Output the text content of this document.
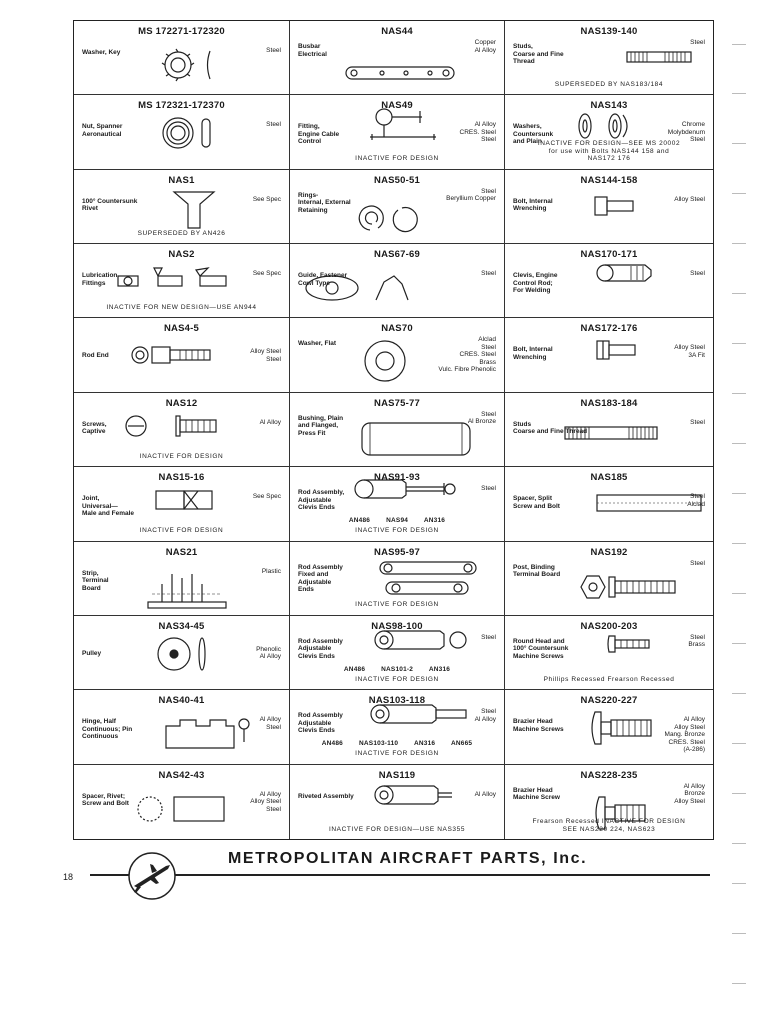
MS 172271-172320
Washer, Key	Steel
NAS44
Busbar
Electrical
Copper
Al Alloy
NAS139-140
Studs,
Coarse and Fine
Thread
Steel
SUPERSEDED BY NAS183/184
MS 172321-172370
Nut, Spanner
Aeronautical
Steel
NAS49
Fitting,
Engine Cable
Control
Al Alloy
CRES. Steel
Steel
INACTIVE FOR DESIGN
NAS143
Washers,
Countersunk
and Plain
Chrome
Molybdenum
Steel
INACTIVE FOR DESIGN—SEE MS 20002
for use with Bolts NAS144 158 and
NAS172 176
NAS1
100° Countersunk
Rivet
See Spec
SUPERSEDED BY AN426
NAS50-51
Rings-
Internal, External
Retaining
Steel
Beryllium Copper
NAS144-158
Bolt, Internal
Wrenching
Alloy Steel
NAS2
Lubrication
Fittings
See Spec
INACTIVE FOR NEW DESIGN—USE AN944
NAS67-69
Guide, Fastener
Cowl Type
Steel
NAS170-171
Clevis, Engine
Control Rod;
For Welding
Steel
NAS4-5
Rod End
Alloy Steel
Steel
NAS70
Washer, Flat
Alclad
Steel
CRES. Steel
Brass
Vulc. Fibre Phenolic
NAS172-176
Bolt, Internal
Wrenching
Alloy Steel
3A Fit
NAS12
Screws,
Captive
Al Alloy
INACTIVE FOR DESIGN
NAS75-77
Bushing, Plain
and Flanged,
Press Fit
Steel
Al Bronze
NAS183-184
Studs
Coarse and Fine Thread
Steel
NAS15-16
Joint,
Universal—
Male and Female
See Spec
INACTIVE FOR DESIGN
NAS91-93
Rod Assembly,
Adjustable
Clevis Ends
Steel
AN486 NAS94 AN316
INACTIVE FOR DESIGN
NAS185
Spacer, Split
Screw and Bolt
Steel
Alclad
NAS21
Strip,
Terminal
Board
Plastic
NAS95-97
Rod Assembly
Fixed and
Adjustable
Ends
INACTIVE FOR DESIGN
NAS192
Post, Binding
Terminal Board
Steel
NAS34-45
Pulley
Phenolic
Al Alloy
NAS98-100
Rod Assembly
Adjustable
Clevis Ends
Steel
AN486 NAS101-2 AN316
INACTIVE FOR DESIGN
NAS200-203
Round Head and
100° Countersunk
Machine Screws
Steel
Brass
Phillips Recessed Frearson Recessed
NAS40-41
Hinge, Half
Continuous; Pin
Continuous
Al Alloy
Steel
NAS103-118
Rod Assembly
Adjustable
Clevis Ends
Steel
Al Alloy
AN486 NAS103-110 AN316 AN665
INACTIVE FOR DESIGN
NAS220-227
Brazier Head
Machine Screws
Al Alloy
Alloy Steel
Mang. Bronze
CRES. Steel
(A-286)
NAS42-43
Spacer, Rivet;
Screw and Bolt
Al Alloy
Alloy Steel
Steel
NAS119
Riveted Assembly	Al Alloy
INACTIVE FOR DESIGN—USE NAS355
NAS228-235
Brazier Head
Machine Screw
Al Alloy
Bronze
Alloy Steel
Frearson Recessed INACTIVE FOR DESIGN
SEE NAS220 224, NAS623
18
METROPOLITAN AIRCRAFT PARTS, Inc.
